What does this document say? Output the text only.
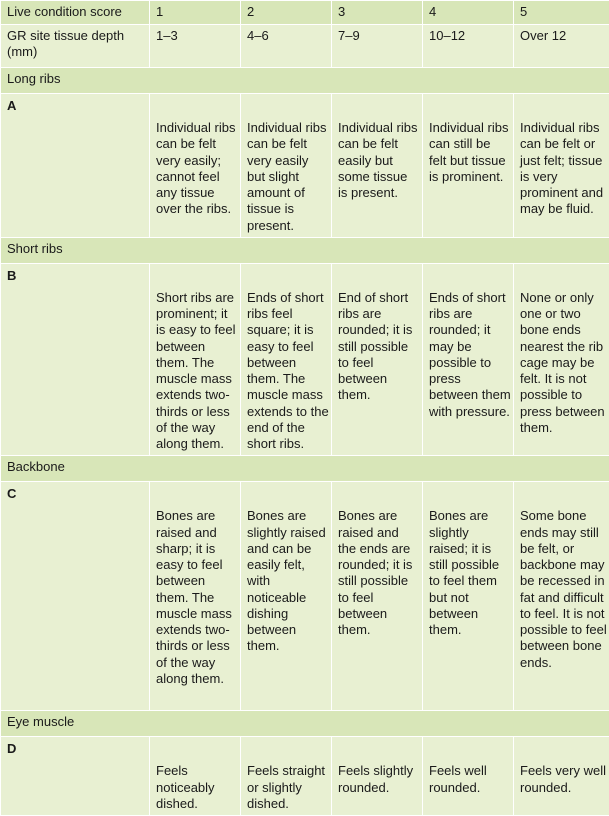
Live condition score	1	2	3	4	5
GR site tissue depth (mm)	1–3	4–6	7–9	10–12	Over 12
Long ribs					
A	Individual ribs can be felt very easily; cannot feel any tissue over the ribs.	Individual ribs can be felt very easily but slight amount of tissue is present.	Individual ribs can be felt easily but some tissue is present.	Individual ribs can still be felt but tissue is prominent.	Individual ribs can be felt or just felt; tissue is very prominent and may be fluid.
Short ribs					
B	Short ribs are prominent; it is easy to feel between them. The muscle mass extends two-thirds or less of the way along them.	Ends of short ribs feel square; it is easy to feel between them. The muscle mass extends to the end of the short ribs.	End of short ribs are rounded; it is still possible to feel between them.	Ends of short ribs are rounded; it may be possible to press between them with pressure.	None or only one or two bone ends nearest the rib cage may be felt. It is not possible to press between them.
Backbone					
C	Bones are raised and sharp; it is easy to feel between them. The muscle mass extends two-thirds or less of the way along them.	Bones are slightly raised and can be easily felt, with noticeable dishing between them.	Bones are raised and the ends are rounded; it is still possible to feel between them.	Bones are slightly raised; it is still possible to feel them but not between them.	Some bone ends may still be felt, or backbone may be recessed in fat and difficult to feel. It is not possible to feel between bone ends.
Eye muscle					
D	Feels noticeably dished.	Feels straight or slightly dished.	Feels slightly rounded.	Feels well rounded.	Feels very well rounded.
